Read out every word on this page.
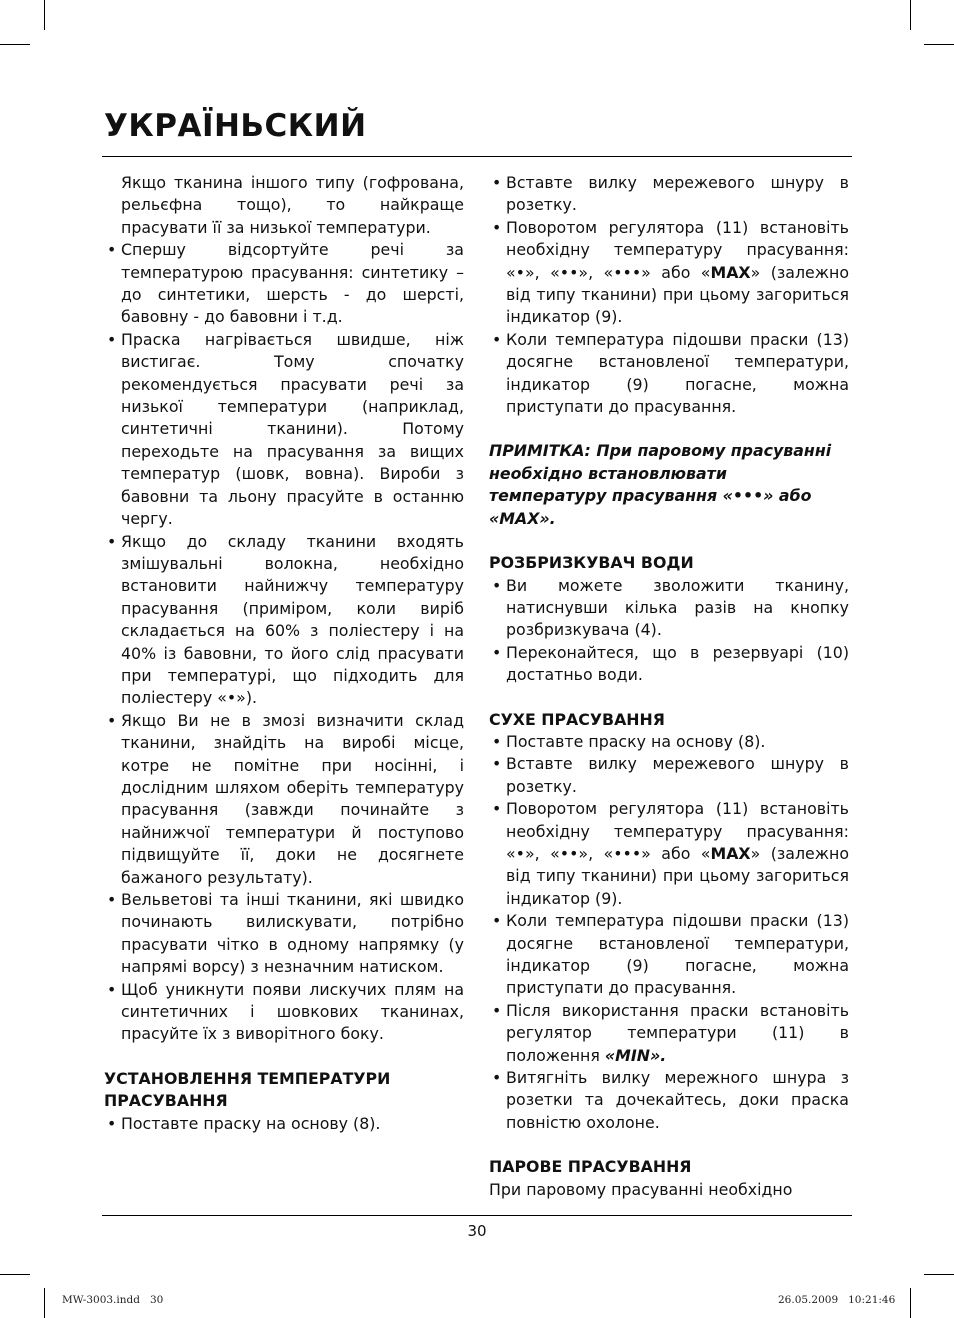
УКРАЇНЬСКИЙ

Якщо тканина іншого типу (гофрована, рельєфна тощо), то найкраще прасувати її за низької температури.

• Спершу відсортуйте речі за температурою прасування: синтетику – до синтетики, шерсть - до шерсті, бавовну - до бавовни і т.д.

• Праска нагрівається швидше, ніж вистигає. Тому спочатку рекомендується прасувати речі за низької температури (наприклад, синтетичні тканини). Потому переходьте на прасування за вищих температур (шовк, вовна). Вироби з бавовни та льону прасуйте в останню чергу.

• Якщо до складу тканини входять змішувальні волокна, необхідно встановити найнижчу температуру прасування (приміром, коли виріб складається на 60% з поліестеру і на 40% із бавовни, то його слід прасувати при температурі, що підходить для поліестеру «•»).

• Якщо Ви не в змозі визначити склад тканини, знайдіть на виробі місце, котре не помітне при носінні, і дослідним шляхом оберіть температуру прасування (завжди починайте з найнижчої температури й поступово підвищуйте її, доки не досягнете бажаного результату).

• Вельветові та інші тканини, які швидко починають вилискувати, потрібно прасувати чітко в одному напрямку (у напрямі ворсу) з незначним натиском.

• Щоб уникнути появи лискучих плям на синтетичних і шовкових тканинах, прасуйте їх з виворітного боку.

УСТАНОВЛЕННЯ ТЕМПЕРАТУРИ ПРАСУВАННЯ

• Поставте праску на основу (8).

• Вставте вилку мережевого шнуру в розетку.

• Поворотом регулятора (11) встановіть необхідну температуру прасування: «•», «••», «•••» або «MAX» (залежно від типу тканини) при цьому загориться індикатор (9).

• Коли температура підошви праски (13) досягне встановленої температури, індикатор (9) погасне, можна приступати до прасування.

ПРИМІТКА: При паровому прасуванні необхідно встановлювати температуру прасування «•••» або «MAX».

РОЗБРИЗКУВАЧ ВОДИ

• Ви можете зволожити тканину, натиснувши кілька разів на кнопку розбризкувача (4).

• Переконайтеся, що в резервуарі (10) достатньо води.

СУХЕ ПРАСУВАННЯ

• Поставте праску на основу (8).

• Вставте вилку мережевого шнуру в розетку.

• Поворотом регулятора (11) встановіть необхідну температуру прасування: «•», «••», «•••» або «MAX» (залежно від типу тканини) при цьому загориться індикатор (9).

• Коли температура підошви праски (13) досягне встановленої температури, індикатор (9) погасне, можна приступати до прасування.

• Після використання праски встановіть регулятор температури (11) в положення «MIN».

• Витягніть вилку мережного шнура з розетки та дочекайтесь, доки праска повністю охолоне.

ПАРОВЕ ПРАСУВАННЯ

При паровому прасуванні необхідно

30
MW-3003.indd   30	26.05.2009   10:21:46
